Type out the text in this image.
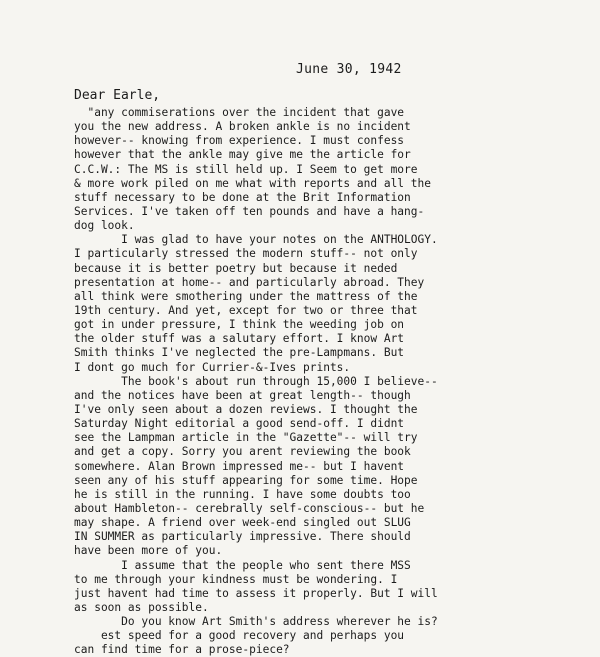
June 30, 1942
Dear Earle,
"any commiserations over the incident that gave
you the new address. A broken ankle is no incident
however-- knowing from experience. I must confess
however that the ankle may give me the article for
C.C.W.: The MS is still held up. I Seem to get more
& more work piled on me what with reports and all the
stuff necessary to be done at the Brit Information
Services. I've taken off ten pounds and have a hang-
dog look.
I was glad to have your notes on the ANTHOLOGY.
I particularly stressed the modern stuff-- not only
because it is better poetry but because it neded
presentation at home-- and particularly abroad. They
all think were smothering under the mattress of the
19th century. And yet, except for two or three that
got in under pressure, I think the weeding job on
the older stuff was a salutary effort. I know Art
Smith thinks I've neglected the pre-Lampmans. But
I dont go much for Currier-&-Ives prints.
The book's about run through 15,000 I believe--
and the notices have been at great length-- though
I've only seen about a dozen reviews. I thought the
Saturday Night editorial a good send-off. I didnt
see the Lampman article in the "Gazette"-- will try
and get a copy. Sorry you arent reviewing the book
somewhere. Alan Brown impressed me-- but I havent
seen any of his stuff appearing for some time. Hope
he is still in the running. I have some doubts too
about Hambleton-- cerebrally self-conscious-- but he
may shape. A friend over week-end singled out SLUG
IN SUMMER as particularly impressive. There should
have been more of you.
I assume that the people who sent there MSS
to me through your kindness must be wondering. I
just havent had time to assess it properly. But I will
as soon as possible.
Do you know Art Smith's address wherever he is?
est speed for a good recovery and perhaps you
can find time for a prose-piece?
